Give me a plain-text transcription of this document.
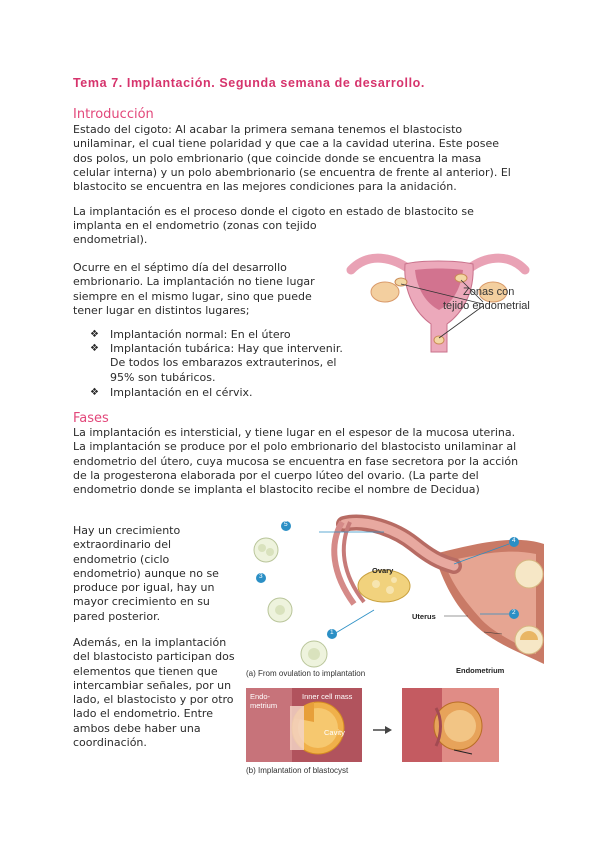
Tema 7. Implantación. Segunda semana de desarrollo.
Introducción

Estado del cigoto: Al acabar la primera semana tenemos el blastocisto unilaminar, el cual tiene polaridad y que cae a la cavidad uterina. Este posee dos polos, un polo embrionario (que coincide donde se encuentra la masa celular interna) y un polo abembrionario (se encuentra de frente al anterior). El blastocito se encuentra en las mejores condiciones para la anidación.

La implantación es el proceso donde el cigoto en estado de blastocito se

implanta en el endometrio (zonas con tejido endometrial).

Ocurre en el séptimo día del desarrollo embrionario. La implantación no tiene lugar siempre en el mismo lugar, sino que puede tener lugar en distintos lugares;

❖ Implantación normal: En el útero
❖ Implantación tubárica: Hay que intervenir. De todos los embarazos extrauterinos, el 95% son tubáricos.
❖ Implantación en el cérvix.
Zonas con
tejido endometrial
Fases

La implantación es intersticial, y tiene lugar en el espesor de la mucosa uterina. La implantación se produce por el polo embrionario del blastocisto unilaminar al endometrio del útero, cuya mucosa se encuentra en fase secretora por la acción de la progesterona elaborada por el cuerpo lúteo del ovario. (La parte del endometrio donde se implanta el blastocito recibe el nombre de Decidua)

Hay un crecimiento extraordinario del endometrio (ciclo endometrio) aunque no se produce por igual, hay un mayor crecimiento en su pared posterior.

Además, en la implantación del blastocisto participan dos elementos que tienen que intercambiar señales, por un lado, el blastocisto y por otro lado el endometrio. Entre ambos debe haber una coordinación.

5
4
3
2
1
Ovary
Uterus
Endometrium
(a) From ovulation to implantation
Endo-
metrium
Inner cell mass
Cavity
(b) Implantation of blastocyst
